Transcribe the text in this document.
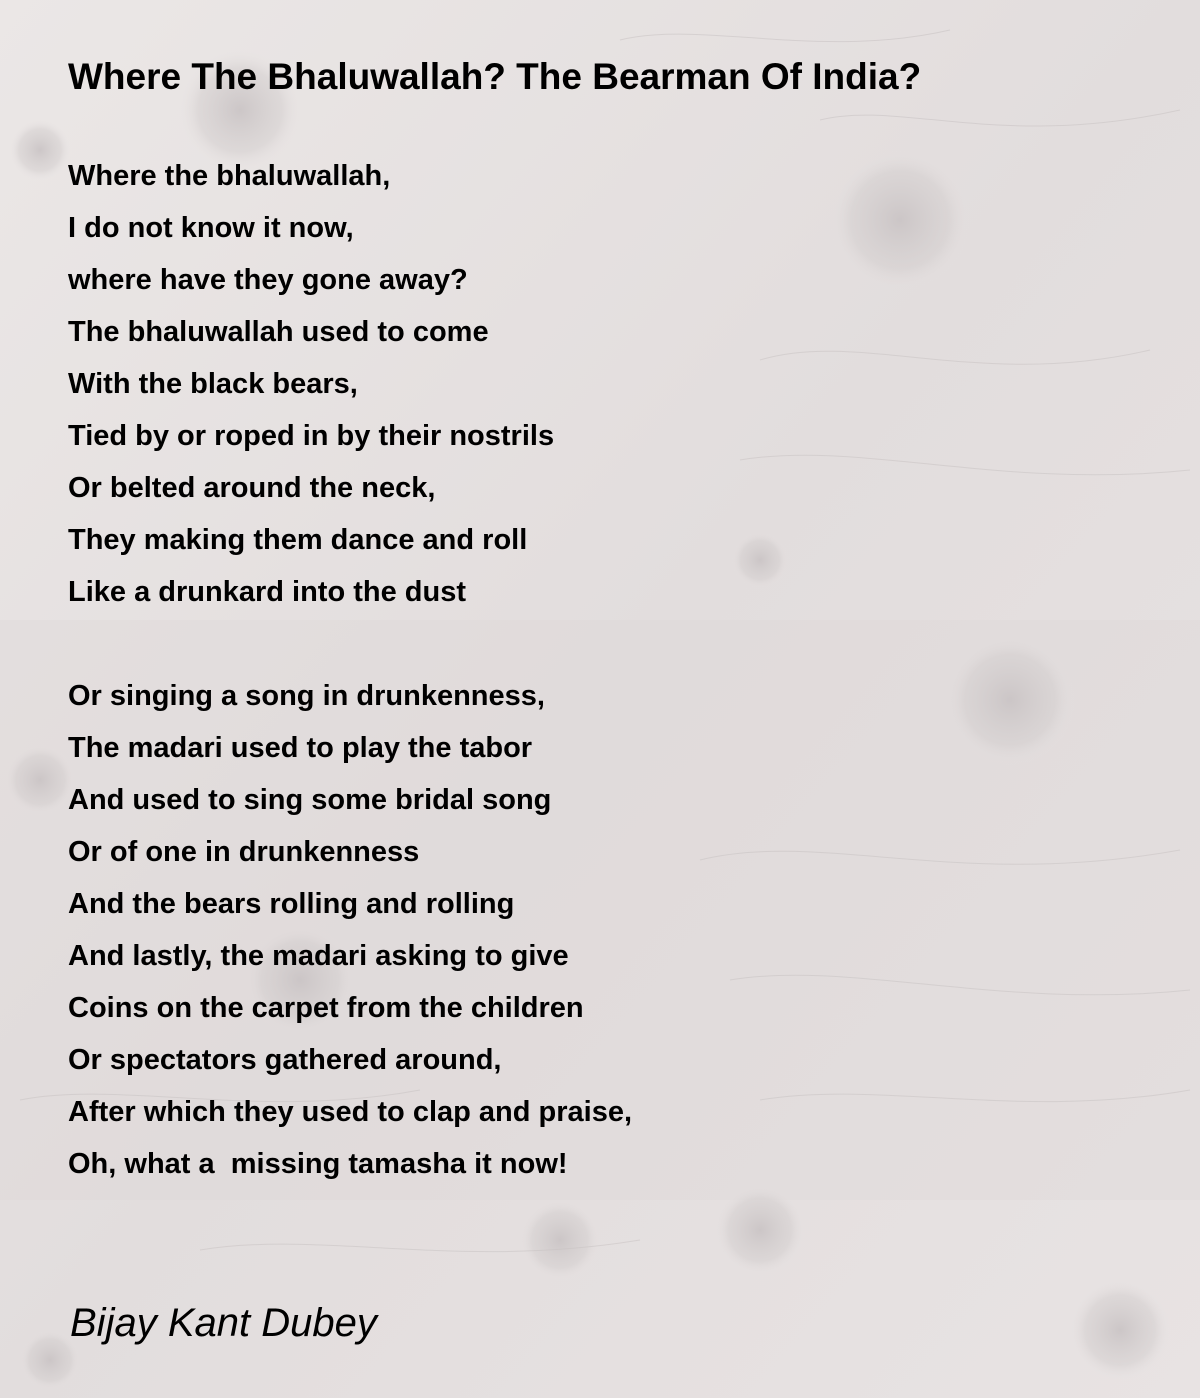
Where The Bhaluwallah? The Bearman Of India?
Where the bhaluwallah,
I do not know it now,
where have they gone away?
The bhaluwallah used to come
With the black bears,
Tied by or roped in by their nostrils
Or belted around the neck,
They making them dance and roll
Like a drunkard into the dust
Or singing a song in drunkenness,
The madari used to play the tabor
And used to sing some bridal song
Or of one in drunkenness
And the bears rolling and rolling
And lastly, the madari asking to give
Coins on the carpet from the children
Or spectators gathered around,
After which they used to clap and praise,
Oh, what a  missing tamasha it now!
Bijay Kant Dubey
